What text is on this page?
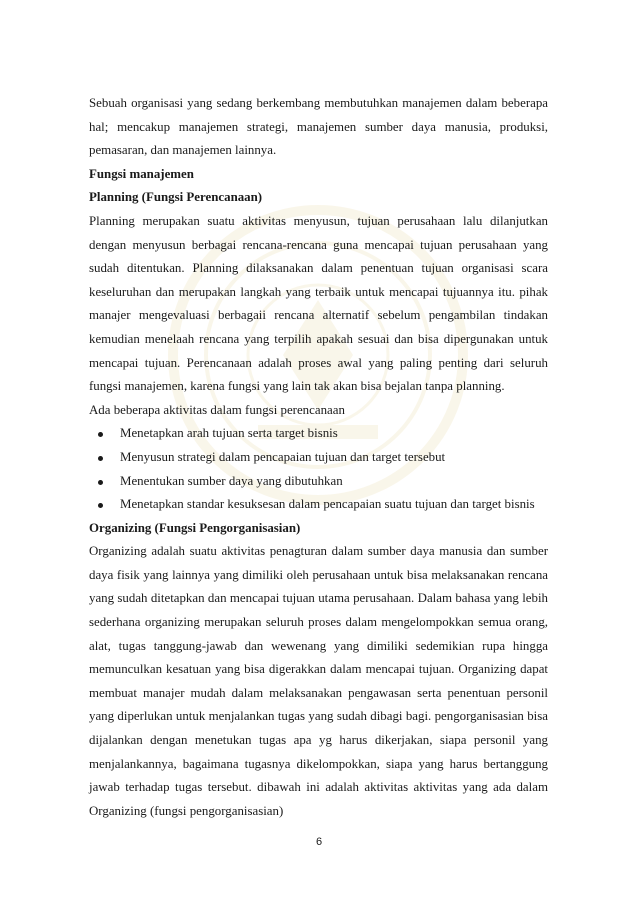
Sebuah organisasi yang sedang berkembang membutuhkan manajemen dalam beberapa hal; mencakup manajemen strategi, manajemen sumber daya manusia, produksi, pemasaran, dan manajemen lainnya.

Fungsi manajemen

Planning (Fungsi Perencanaan)

Planning merupakan suatu aktivitas menyusun, tujuan perusahaan lalu dilanjutkan dengan menyusun berbagai rencana-rencana guna mencapai tujuan perusahaan yang sudah ditentukan. Planning dilaksanakan dalam penentuan tujuan organisasi scara keseluruhan dan merupakan langkah yang terbaik untuk mencapai tujuannya itu. pihak manajer mengevaluasi berbagaii rencana alternatif sebelum pengambilan tindakan kemudian menelaah rencana yang terpilih apakah sesuai dan bisa dipergunakan untuk mencapai tujuan. Perencanaan adalah proses awal yang paling penting dari seluruh fungsi manajemen, karena fungsi yang lain tak akan bisa bejalan tanpa planning.

Ada beberapa aktivitas dalam fungsi perencanaan

Menetapkan arah tujuan serta target bisnis
Menyusun strategi dalam pencapaian tujuan dan target tersebut
Menentukan sumber daya yang dibutuhkan
Menetapkan standar kesuksesan dalam pencapaian suatu tujuan dan target bisnis

Organizing (Fungsi Pengorganisasian)

Organizing adalah suatu aktivitas penagturan dalam sumber daya manusia dan sumber daya fisik yang lainnya yang dimiliki oleh perusahaan untuk bisa melaksanakan rencana yang sudah ditetapkan dan mencapai tujuan utama perusahaan. Dalam bahasa yang lebih sederhana organizing merupakan seluruh proses dalam mengelompokkan semua orang, alat, tugas tanggung-jawab dan wewenang yang dimiliki sedemikian rupa hingga memunculkan kesatuan yang bisa digerakkan dalam mencapai tujuan. Organizing dapat membuat manajer mudah dalam melaksanakan pengawasan serta penentuan personil yang diperlukan untuk menjalankan tugas yang sudah dibagi bagi. pengorganisasian bisa dijalankan dengan menetukan tugas apa yg harus dikerjakan, siapa personil yang menjalankannya, bagaimana tugasnya dikelompokkan, siapa yang harus bertanggung jawab terhadap tugas tersebut. dibawah ini adalah aktivitas aktivitas yang ada dalam Organizing (fungsi pengorganisasian)

6
